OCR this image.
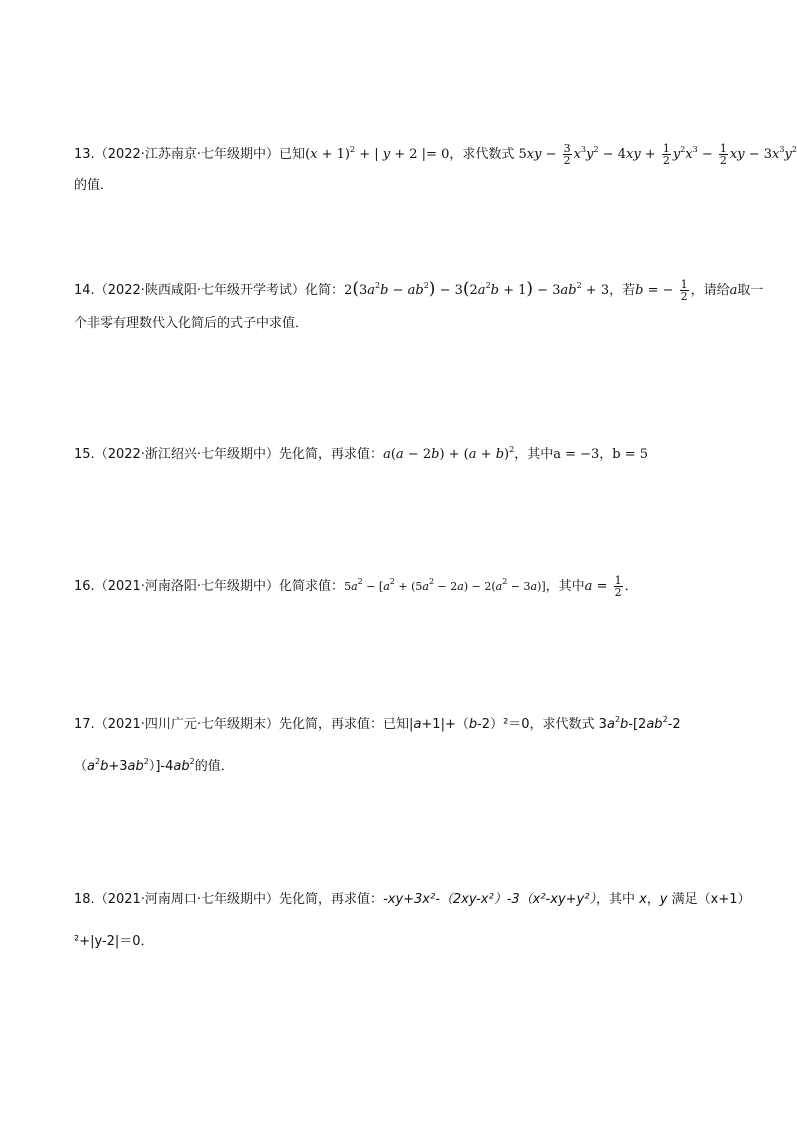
13.（2022·江苏南京·七年级期中）已知$(x + 1)^2$ + | y + 2 |= 0，求代数式 $5xy - \frac{3}{2} x^3y^2 - 4xy + \frac{1}{2} y^2x^3 - \frac{1}{2}$ xy − $3x^3y^2$
的值．
14.（2022·陕西咸阳·七年级开学考试）化简：$2(3a^2b - ab^2) - 3(2a^2b + 1) - 3ab^2 + 3$，若b = − $\frac{1}{2}$ ，请给a取一
个非零有理数代入化简后的式子中求值．
15.（2022·浙江绍兴·七年级期中）先化简，再求值：$a(a - 2b) + (a + b)^2$，其中a = −3，b = 5
16.（2021·河南洛阳·七年级期中）化简求值：$5a^2 - [a^2 + (5a^2 - 2a) - 2(a^2 - 3a)]$，其中$a = \frac{1}{2}$ ．
17.（2021·四川广元·七年级期末）先化简，再求值：已知|a+1|+（b-2）²＝0，求代数式 $3a^2b-[2ab^2-2$
$(a^2b+3ab^2)]-4ab^2$的值．
18.（2021·河南周口·七年级期中）先化简，再求值：-xy+3x²-（2xy-x²）-3（x²-xy+y²），其中 x，y 满足（x+1）
²+|y-2|＝0．
